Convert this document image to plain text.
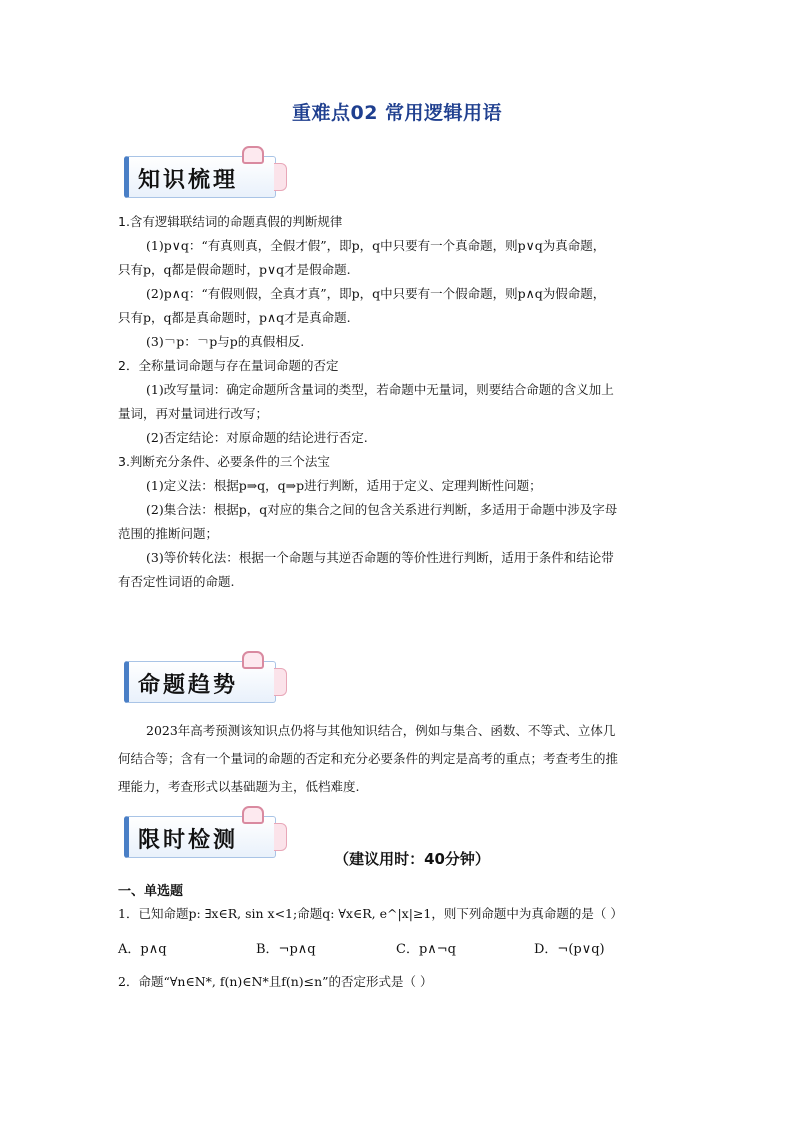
重难点02 常用逻辑用语
知识梳理
1.含有逻辑联结词的命题真假的判断规律
(1)p∨q：“有真则真，全假才假”，即p，q中只要有一个真命题，则p∨q为真命题，
只有p，q都是假命题时，p∨q才是假命题.
(2)p∧q：“有假则假，全真才真”，即p，q中只要有一个假命题，则p∧q为假命题，
只有p，q都是真命题时，p∧q才是真命题.
(3)￢p：￢p与p的真假相反.
2．全称量词命题与存在量词命题的否定
(1)改写量词：确定命题所含量词的类型，若命题中无量词，则要结合命题的含义加上
量词，再对量词进行改写；
(2)否定结论：对原命题的结论进行否定.
3.判断充分条件、必要条件的三个法宝
(1)定义法：根据p⇒q，q⇒p进行判断，适用于定义、定理判断性问题；
(2)集合法：根据p，q对应的集合之间的包含关系进行判断，多适用于命题中涉及字母
范围的推断问题；
(3)等价转化法：根据一个命题与其逆否命题的等价性进行判断，适用于条件和结论带
有否定性词语的命题.
命题趋势
2023年高考预测该知识点仍将与其他知识结合，例如与集合、函数、不等式、立体几
何结合等；含有一个量词的命题的否定和充分必要条件的判定是高考的重点；考查考生的推
理能力，考查形式以基础题为主，低档难度.
限时检测
（建议用时：40分钟）
一、单选题
1．已知命题p: ∃x∈R, sin x<1;命题q: ∀x∈R, e^|x|≥1，则下列命题中为真命题的是（ ）
A．p∧q	B．¬p∧q	C．p∧¬q	D．¬(p∨q)
2．命题“∀n∈N*, f(n)∈N*且f(n)≤n”的否定形式是（ ）
